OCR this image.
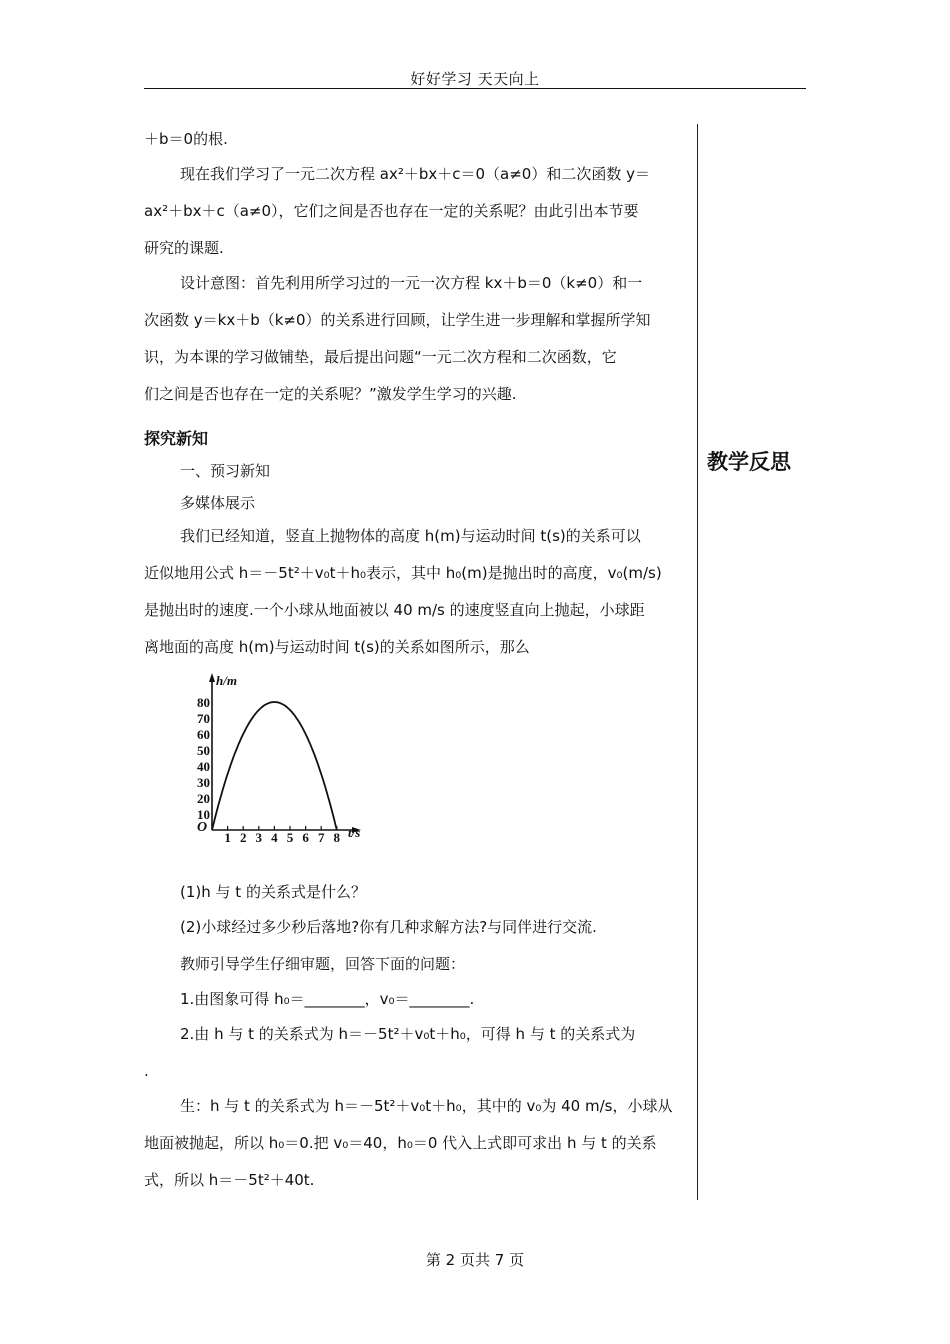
好好学习 天天向上
教学反思
＋b＝0的根.
现在我们学习了一元二次方程 ax²＋bx＋c＝0（a≠0）和二次函数 y＝
ax²＋bx＋c（a≠0），它们之间是否也存在一定的关系呢？由此引出本节要
研究的课题.
设计意图：首先利用所学习过的一元一次方程 kx＋b＝0（k≠0）和一
次函数 y＝kx＋b（k≠0）的关系进行回顾，让学生进一步理解和掌握所学知
识，为本课的学习做铺垫，最后提出问题“一元二次方程和二次函数，它
们之间是否也存在一定的关系呢？”激发学生学习的兴趣.
探究新知
一、预习新知
多媒体展示
我们已经知道，竖直上抛物体的高度 h(m)与运动时间 t(s)的关系可以
近似地用公式 h＝－5t²＋v₀t＋h₀表示，其中 h₀(m)是抛出时的高度，v₀(m/s)
是抛出时的速度.一个小球从地面被以 40 m/s 的速度竖直向上抛起，小球距
离地面的高度 h(m)与运动时间 t(s)的关系如图所示，那么
10
20
30
40
50
60
70
80
1 2 3 4 5 6 7 8
h/m
t/s
O
(1)h 与 t 的关系式是什么？
(2)小球经过多少秒后落地?你有几种求解方法?与同伴进行交流.
教师引导学生仔细审题，回答下面的问题：
1.由图象可得 h₀＝________，v₀＝________.
2.由 h 与 t 的关系式为 h＝－5t²＋v₀t＋h₀，可得 h 与 t 的关系式为
.
生：h 与 t 的关系式为 h＝－5t²＋v₀t＋h₀，其中的 v₀为 40 m/s，小球从
地面被抛起，所以 h₀＝0.把 v₀＝40，h₀＝0 代入上式即可求出 h 与 t 的关系
式，所以 h＝－5t²＋40t.
第 2 页共 7 页
